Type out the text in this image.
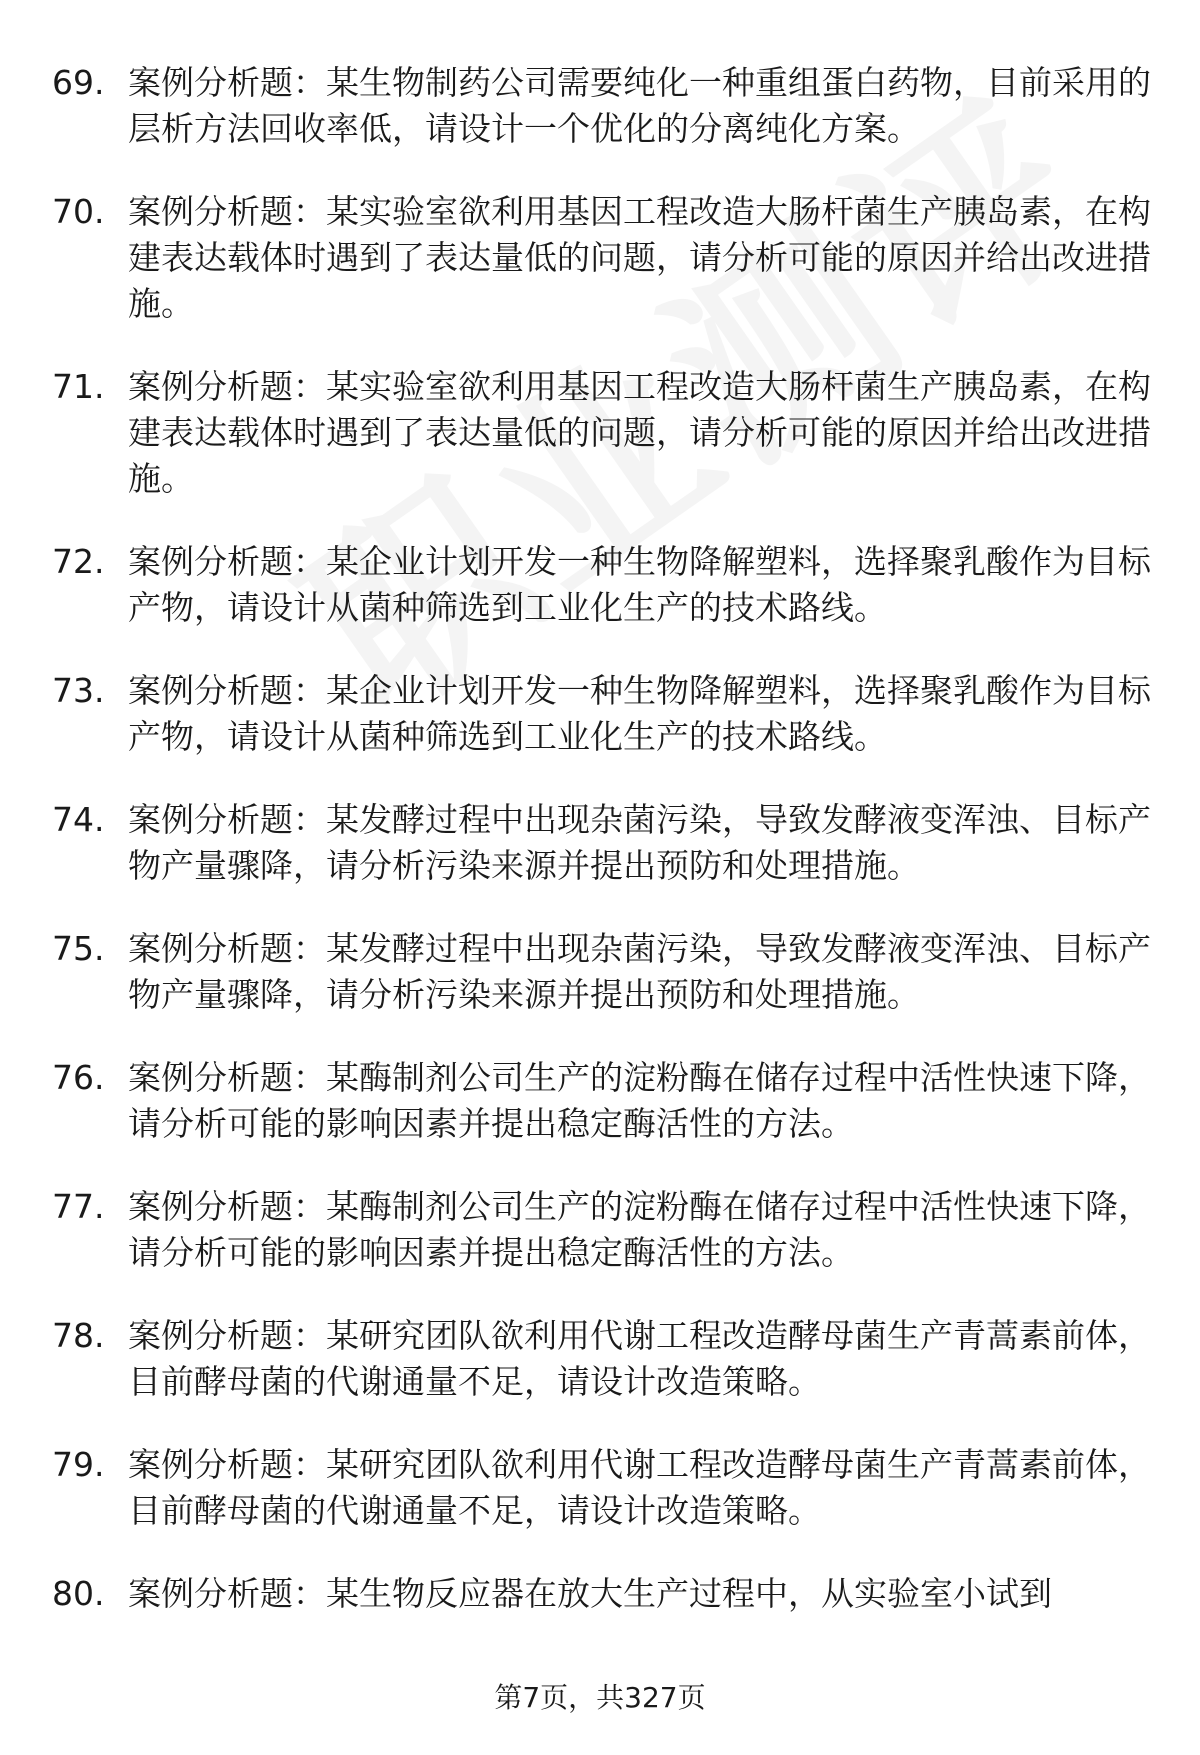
69. 案例分析题：某生物制药公司需要纯化一种重组蛋白药物，目前采用的层析方法回收率低，请设计一个优化的分离纯化方案。
70. 案例分析题：某实验室欲利用基因工程改造大肠杆菌生产胰岛素，在构建表达载体时遇到了表达量低的问题，请分析可能的原因并给出改进措施。
71. 案例分析题：某实验室欲利用基因工程改造大肠杆菌生产胰岛素，在构建表达载体时遇到了表达量低的问题，请分析可能的原因并给出改进措施。
72. 案例分析题：某企业计划开发一种生物降解塑料，选择聚乳酸作为目标产物，请设计从菌种筛选到工业化生产的技术路线。
73. 案例分析题：某企业计划开发一种生物降解塑料，选择聚乳酸作为目标产物，请设计从菌种筛选到工业化生产的技术路线。
74. 案例分析题：某发酵过程中出现杂菌污染，导致发酵液变浑浊、目标产物产量骤降，请分析污染来源并提出预防和处理措施。
75. 案例分析题：某发酵过程中出现杂菌污染，导致发酵液变浑浊、目标产物产量骤降，请分析污染来源并提出预防和处理措施。
76. 案例分析题：某酶制剂公司生产的淀粉酶在储存过程中活性快速下降，请分析可能的影响因素并提出稳定酶活性的方法。
77. 案例分析题：某酶制剂公司生产的淀粉酶在储存过程中活性快速下降，请分析可能的影响因素并提出稳定酶活性的方法。
78. 案例分析题：某研究团队欲利用代谢工程改造酵母菌生产青蒿素前体，目前酵母菌的代谢通量不足，请设计改造策略。
79. 案例分析题：某研究团队欲利用代谢工程改造酵母菌生产青蒿素前体，目前酵母菌的代谢通量不足，请设计改造策略。
80. 案例分析题：某生物反应器在放大生产过程中，从实验室小试到
第7页，共327页
